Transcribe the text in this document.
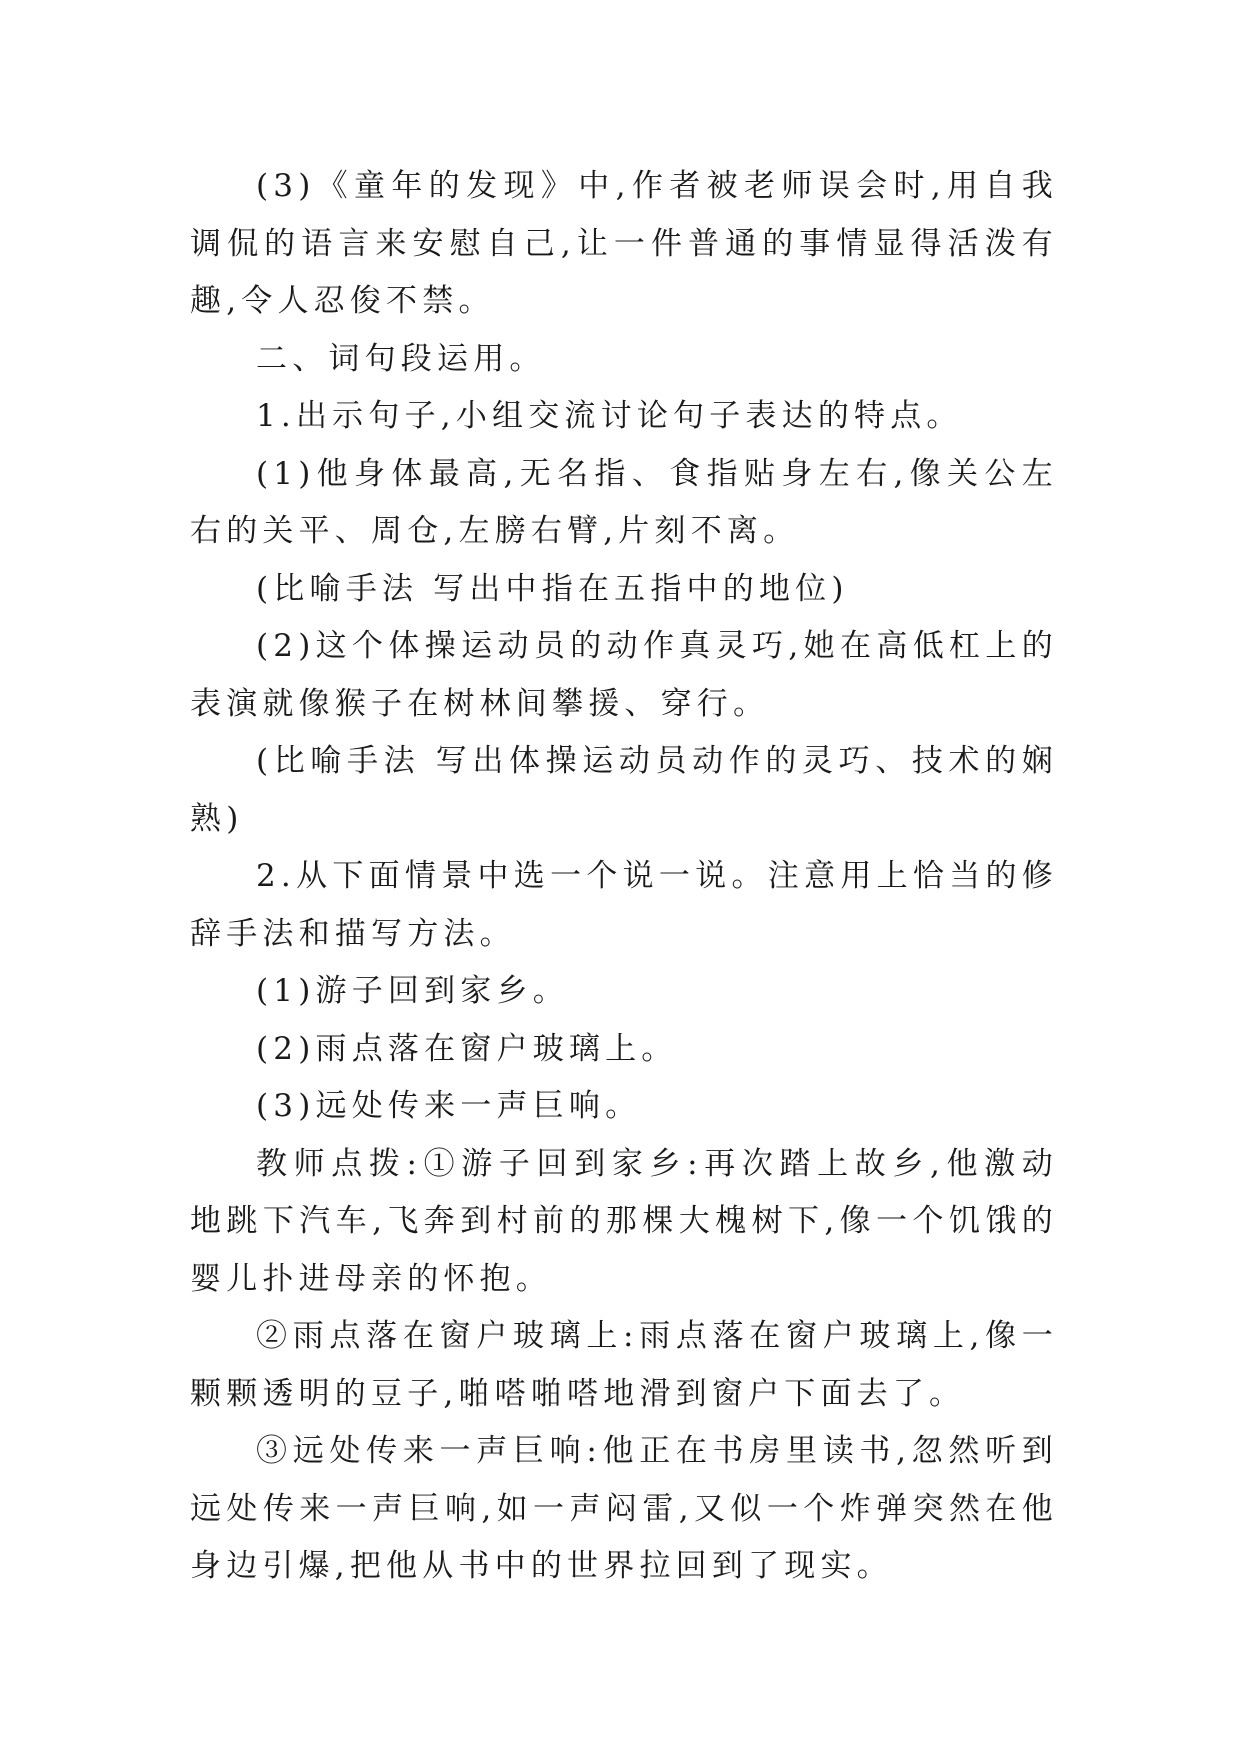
(3)《童年的发现》中,作者被老师误会时,用自我调侃的语言来安慰自己,让一件普通的事情显得活泼有趣,令人忍俊不禁。

二、词句段运用。

1.出示句子,小组交流讨论句子表达的特点。

(1)他身体最高,无名指、食指贴身左右,像关公左右的关平、周仓,左膀右臂,片刻不离。

(比喻手法 写出中指在五指中的地位)

(2)这个体操运动员的动作真灵巧,她在高低杠上的表演就像猴子在树林间攀援、穿行。

(比喻手法 写出体操运动员动作的灵巧、技术的娴熟)

2.从下面情景中选一个说一说。注意用上恰当的修辞手法和描写方法。

(1)游子回到家乡。

(2)雨点落在窗户玻璃上。

(3)远处传来一声巨响。

教师点拨:①游子回到家乡:再次踏上故乡,他激动地跳下汽车,飞奔到村前的那棵大槐树下,像一个饥饿的婴儿扑进母亲的怀抱。

②雨点落在窗户玻璃上:雨点落在窗户玻璃上,像一颗颗透明的豆子,啪嗒啪嗒地滑到窗户下面去了。

③远处传来一声巨响:他正在书房里读书,忽然听到远处传来一声巨响,如一声闷雷,又似一个炸弹突然在他身边引爆,把他从书中的世界拉回到了现实。
